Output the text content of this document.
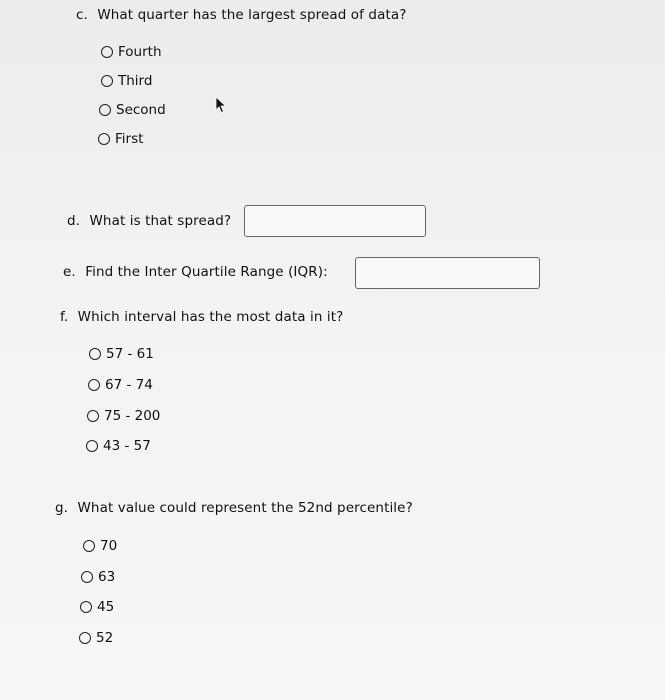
c. What quarter has the largest spread of data?
Fourth
Third
Second
First
d. What is that spread?
e. Find the Inter Quartile Range (IQR):
f. Which interval has the most data in it?
57 - 61
67 - 74
75 - 200
43 - 57
g. What value could represent the 52nd percentile?
70
63
45
52
